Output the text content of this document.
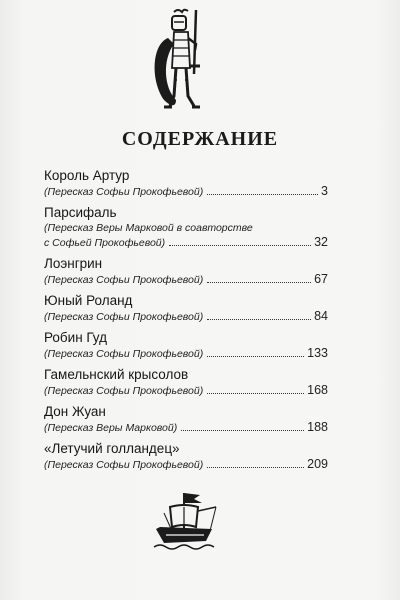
СОДЕРЖАНИЕ
Король Артур
(Пересказ Софьи Прокофьевой)	3
Парсифаль
(Пересказ Веры Марковой в соавторстве
с Софьей Прокофьевой)	32
Лоэнгрин
(Пересказ Софьи Прокофьевой)	67
Юный Роланд
(Пересказ Софьи Прокофьевой)	84
Робин Гуд
(Пересказ Софьи Прокофьевой)	133
Гамельнский крысолов
(Пересказ Софьи Прокофьевой)	168
Дон Жуан
(Пересказ Веры Марковой)	188
«Летучий голландец»
(Пересказ Софьи Прокофьевой)	209
